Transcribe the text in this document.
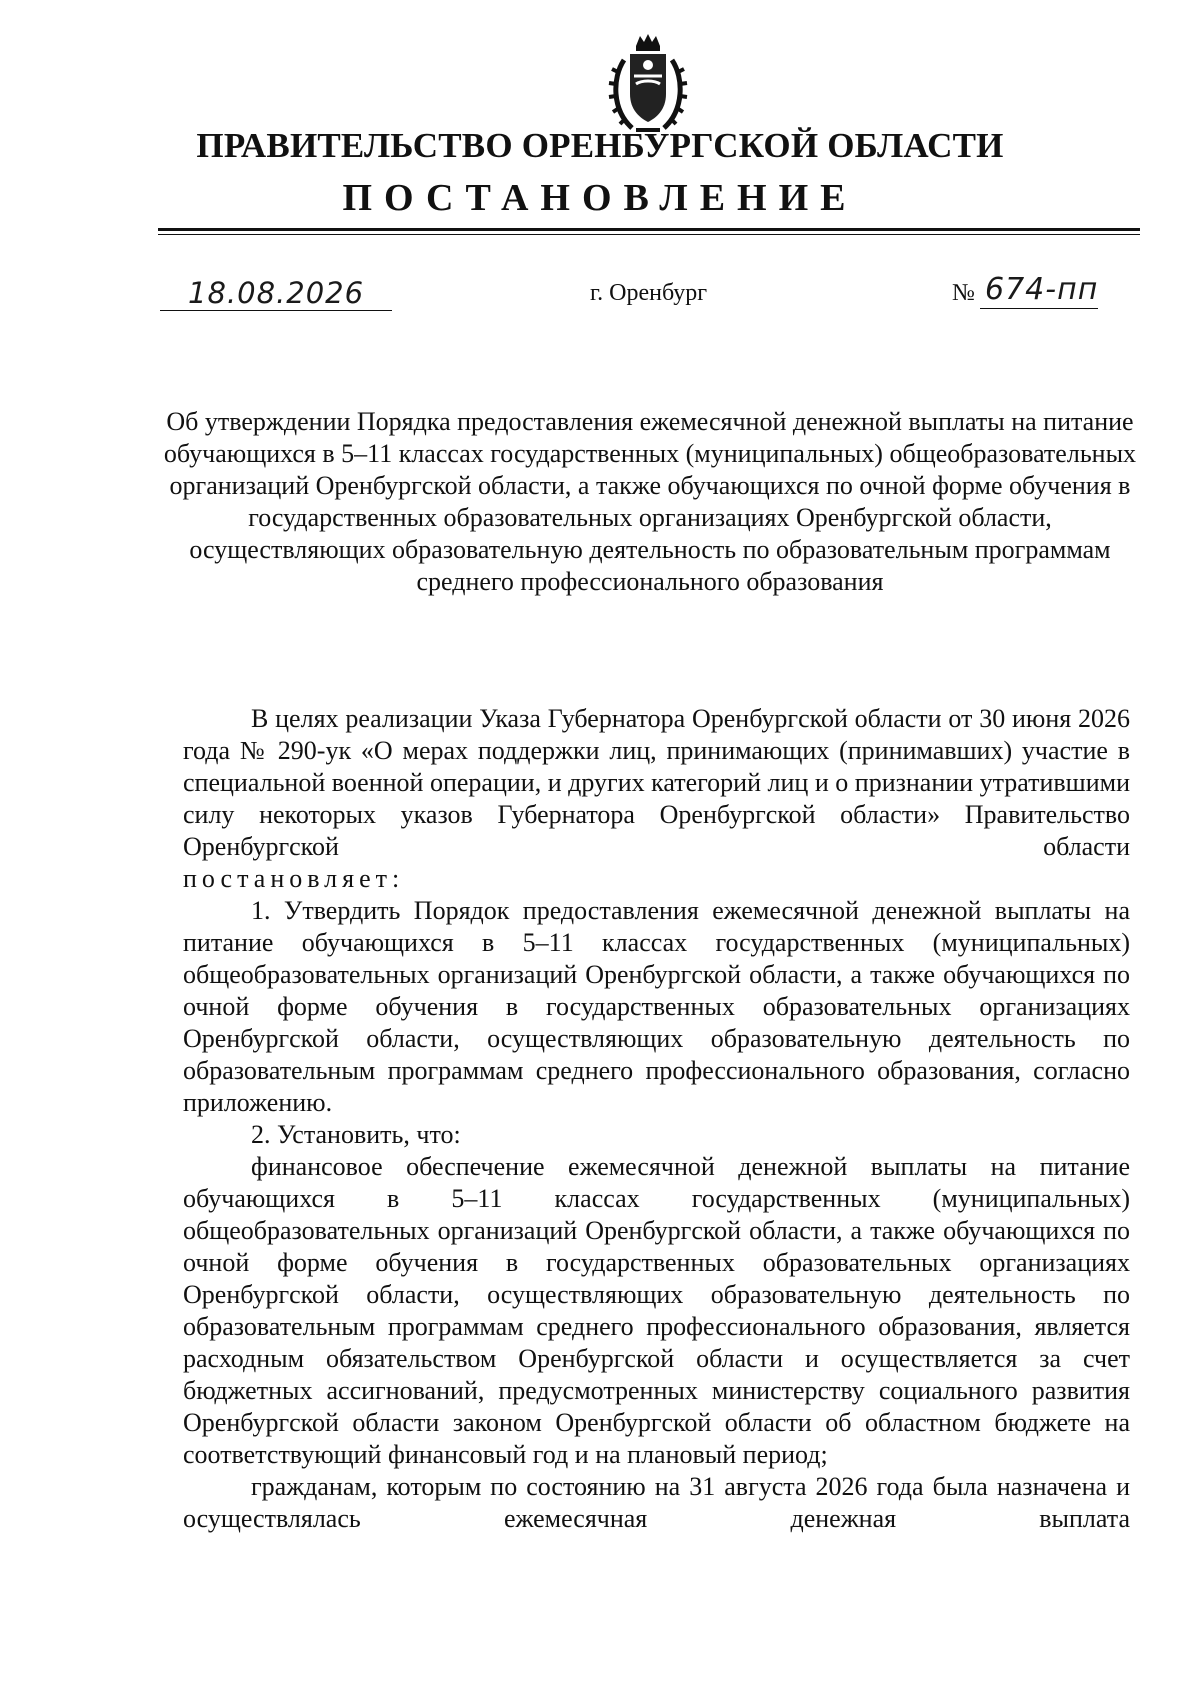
ПРАВИТЕЛЬСТВО ОРЕНБУРГСКОЙ ОБЛАСТИ
ПОСТАНОВЛЕНИЕ
18.08.2026	г. Оренбург	№ 674-пп

Об утверждении Порядка предоставления ежемесячной денежной выплаты на питание обучающихся в 5–11 классах государственных (муниципальных) общеобразовательных организаций Оренбургской области, а также обучающихся по очной форме обучения в государственных образовательных организациях Оренбургской области, осуществляющих образовательную деятельность по образовательным программам среднего профессионального образования

В целях реализации Указа Губернатора Оренбургской области от 30 июня 2026 года № 290-ук «О мерах поддержки лиц, принимающих (принимавших) участие в специальной военной операции, и других категорий лиц и о признании утратившими силу некоторых указов Губернатора Оренбургской области» Правительство Оренбургской области

постановляет:

1. Утвердить Порядок предоставления ежемесячной денежной выплаты на питание обучающихся в 5–11 классах государственных (муниципальных) общеобразовательных организаций Оренбургской области, а также обучающихся по очной форме обучения в государственных образовательных организациях Оренбургской области, осуществляющих образовательную деятельность по образовательным программам среднего профессионального образования, согласно приложению.

2. Установить, что:

финансовое обеспечение ежемесячной денежной выплаты на питание обучающихся в 5–11 классах государственных (муниципальных) общеобразовательных организаций Оренбургской области, а также обучающихся по очной форме обучения в государственных образовательных организациях Оренбургской области, осуществляющих образовательную деятельность по образовательным программам среднего профессионального образования, является расходным обязательством Оренбургской области и осуществляется за счет бюджетных ассигнований, предусмотренных министерству социального развития Оренбургской области законом Оренбургской области об областном бюджете на соответствующий финансовый год и на плановый период;

гражданам, которым по состоянию на 31 августа 2026 года была назначена и осуществлялась ежемесячная денежная выплата
